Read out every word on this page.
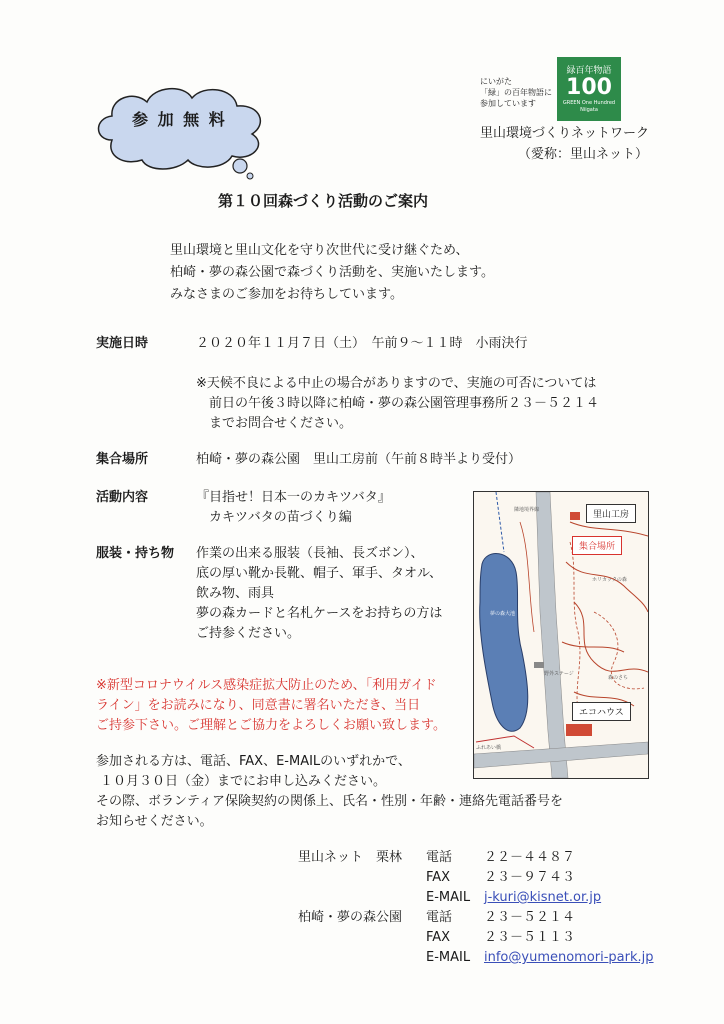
参 加 無 料
にいがた
「緑」の百年物語に
参加しています
緑百年物語
100
GREEN One Hundred
Niigata
里山環境づくりネットワーク
（愛称：里山ネット）
第１０回森づくり活動のご案内
里山環境と里山文化を守り次世代に受け継ぐため、
柏崎・夢の森公園で森づくり活動を、実施いたします。
みなさまのご参加をお待ちしています。
実施日時	２０２０年１１月７日（土）　午前９～１１時　小雨決行
※天候不良による中止の場合がありますので、実施の可否については
　前日の午後３時以降に柏崎・夢の森公園管理事務所２３－５２１４
　までお問合せください。
集合場所	柏崎・夢の森公園　里山工房前（午前８時半より受付）
活動内容	『目指せ！日本一のカキツバタ』
　カキツバタの苗づくり編
服装・持ち物 作業の出来る服装（長袖、長ズボン）、
底の厚い靴か長靴、帽子、軍手、タオル、
飲み物、雨具
夢の森カードと名札ケースをお持ちの方は
ご持参ください。
※新型コロナウイルス感染症拡大防止のため、「利用ガイド
ライン」をお読みになり、同意書に署名いただき、当日
ご持参下さい。ご理解とご協力をよろしくお願い致します。
里山工房
集合場所
エコハウス
隣地境界線
夢の森大池
ホリカックの森
野外ステージ
森のさち
ふれあい橋
参加される方は、電話、FAX、E-MAILのいずれかで、
１０月３０日（金）までにお申し込みください。
その際、ボランティア保険契約の関係上、氏名・性別・年齢・連絡先電話番号を
お知らせください。
里山ネット　栗林 電話 ２２－４４８７
FAX	２３－９７４３
E-MAIL j-kuri@kisnet.or.jp
柏崎・夢の森公園 電話 ２３－５２１４
FAX	２３－５１１３
E-MAIL info@yumenomori-park.jp
